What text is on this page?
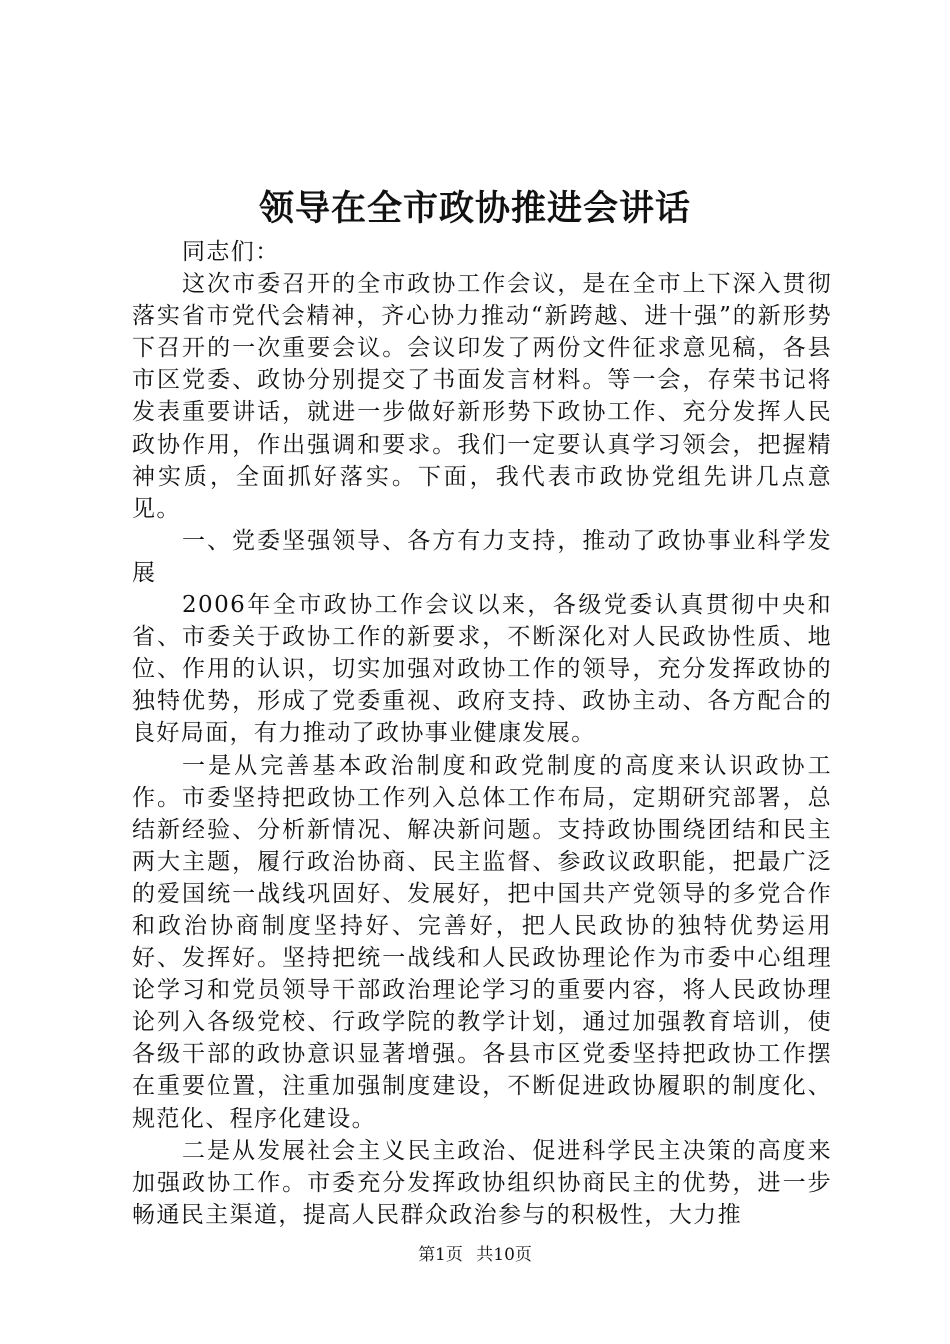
领导在全市政协推进会讲话

同志们：

这次市委召开的全市政协工作会议，是在全市上下深入贯彻落实省市党代会精神，齐心协力推动“新跨越、进十强”的新形势下召开的一次重要会议。会议印发了两份文件征求意见稿，各县市区党委、政协分别提交了书面发言材料。等一会，存荣书记将发表重要讲话，就进一步做好新形势下政协工作、充分发挥人民政协作用，作出强调和要求。我们一定要认真学习领会，把握精神实质，全面抓好落实。下面，我代表市政协党组先讲几点意见。

一、党委坚强领导、各方有力支持，推动了政协事业科学发展

2006年全市政协工作会议以来，各级党委认真贯彻中央和省、市委关于政协工作的新要求，不断深化对人民政协性质、地位、作用的认识，切实加强对政协工作的领导，充分发挥政协的独特优势，形成了党委重视、政府支持、政协主动、各方配合的良好局面，有力推动了政协事业健康发展。

一是从完善基本政治制度和政党制度的高度来认识政协工作。市委坚持把政协工作列入总体工作布局，定期研究部署，总结新经验、分析新情况、解决新问题。支持政协围绕团结和民主两大主题，履行政治协商、民主监督、参政议政职能，把最广泛的爱国统一战线巩固好、发展好，把中国共产党领导的多党合作和政治协商制度坚持好、完善好，把人民政协的独特优势运用好、发挥好。坚持把统一战线和人民政协理论作为市委中心组理论学习和党员领导干部政治理论学习的重要内容，将人民政协理论列入各级党校、行政学院的教学计划，通过加强教育培训，使各级干部的政协意识显著增强。各县市区党委坚持把政协工作摆在重要位置，注重加强制度建设，不断促进政协履职的制度化、规范化、程序化建设。

二是从发展社会主义民主政治、促进科学民主决策的高度来加强政协工作。市委充分发挥政协组织协商民主的优势，进一步畅通民主渠道，提高人民群众政治参与的积极性，大力推

第1页 共10页
